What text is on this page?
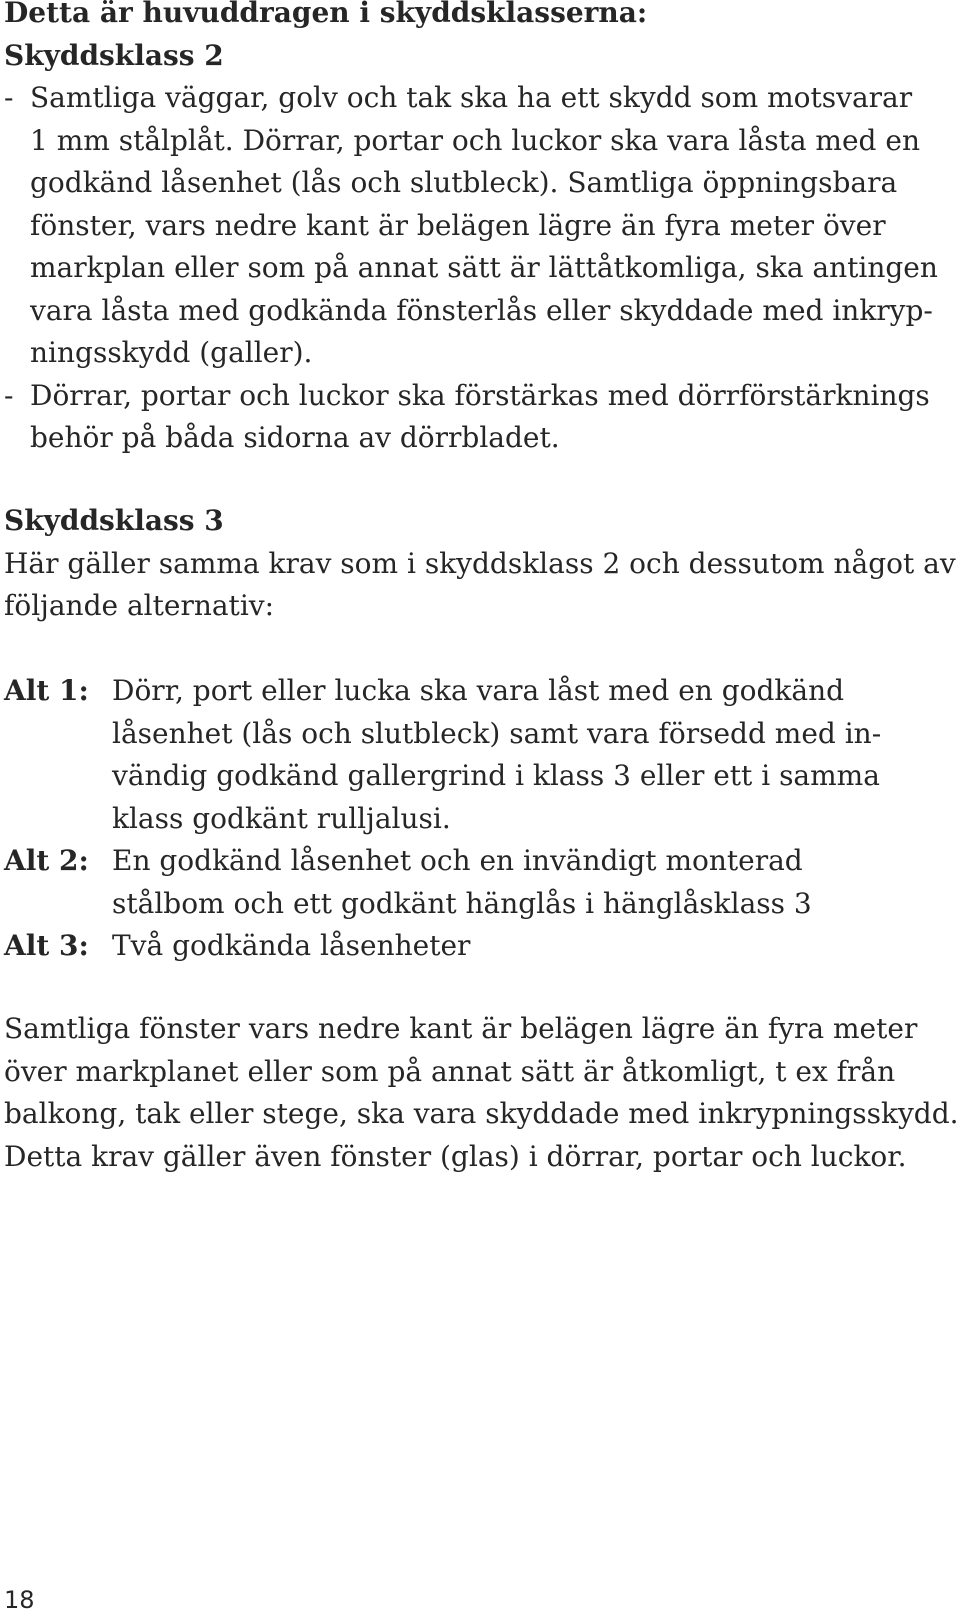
Detta är huvuddragen i skyddsklasserna:
Skyddsklass 2
- Samtliga väggar, golv och tak ska ha ett skydd som motsvarar
1 mm stålplåt. Dörrar, portar och luckor ska vara låsta med en
godkänd låsenhet (lås och slutbleck). Samtliga öppningsbara
fönster, vars nedre kant är belägen lägre än fyra meter över
markplan eller som på annat sätt är lättåtkomliga, ska antingen
vara låsta med godkända fönsterlås eller skyddade med inkryp-
ningsskydd (galler).
- Dörrar, portar och luckor ska förstärkas med dörrförstärknings
behör på båda sidorna av dörrbladet.
Skyddsklass 3
Här gäller samma krav som i skyddsklass 2 och dessutom något av
följande alternativ:
Alt 1: Dörr, port eller lucka ska vara låst med en godkänd
låsenhet (lås och slutbleck) samt vara försedd med in-
vändig godkänd gallergrind i klass 3 eller ett i samma
klass godkänt rulljalusi.
Alt 2: En godkänd låsenhet och en invändigt monterad
stålbom och ett godkänt hänglås i hänglåsklass 3
Alt 3: Två godkända låsenheter
Samtliga fönster vars nedre kant är belägen lägre än fyra meter
över markplanet eller som på annat sätt är åtkomligt, t ex från
balkong, tak eller stege, ska vara skyddade med inkrypningsskydd.
Detta krav gäller även fönster (glas) i dörrar, portar och luckor.
18
